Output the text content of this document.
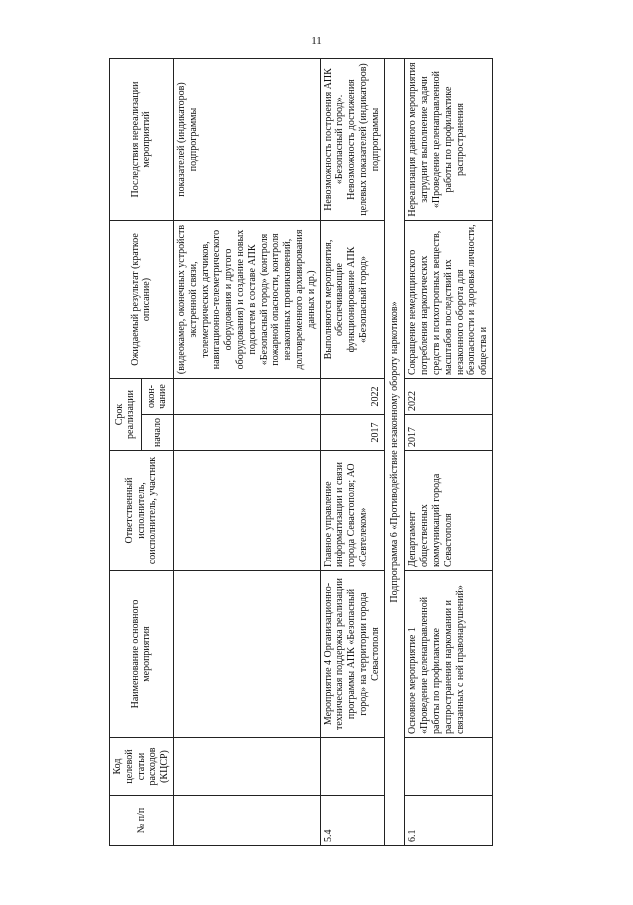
11
№ п/п	Код целевой статьи расходов (КЦСР)	Наименование основного мероприятия	Ответственный исполнитель, соисполнитель, участник	Срок реализации		Ожидаемый результат (краткое описание)	Последствия нереализации мероприятий
				начало	окон-чание		
						(видеокамер, оконечных устройств экстренной связи, телеметрических датчиков, навигационно-телеметрического оборудования и другого оборудования) и создание новых подсистем в составе АПК «Безопасный город» (контроля пожарной опасности, контроля незаконных проникновений, долговременного архивирования данных и др.)	показателей (индикаторов) подпрограммы
5.4		Мероприятие 4 Организационно-техническая поддержка реализации программы АПК «Безопасный город» на территории города Севастополя	Главное управление информатизации и связи города Севастополя; АО «Севтелеком»	2017	2022	Выполняются мероприятия, обеспечивающие функционирование АПК «Безопасный город»	Невозможность построения АПК «Безопасный город». Невозможность достижения целевых показателей (индикаторов) подпрограммы
Подпрограмма 6 «Противодействие незаконному обороту наркотиков»							
6.1		Основное мероприятие 1 «Проведение целенаправленной работы по профилактике распространения наркомании и связанных с ней правонарушений»	Департамент общественных коммуникаций города Севастополя	2017	2022	Сокращение немедицинского потребления наркотических средств и психотропных веществ, масштабов последствий их незаконного оборота для безопасности и здоровья личности, общества и	Нереализация данного мероприятия затруднит выполнение задачи «Проведение целенаправленной работы по профилактике распространения
